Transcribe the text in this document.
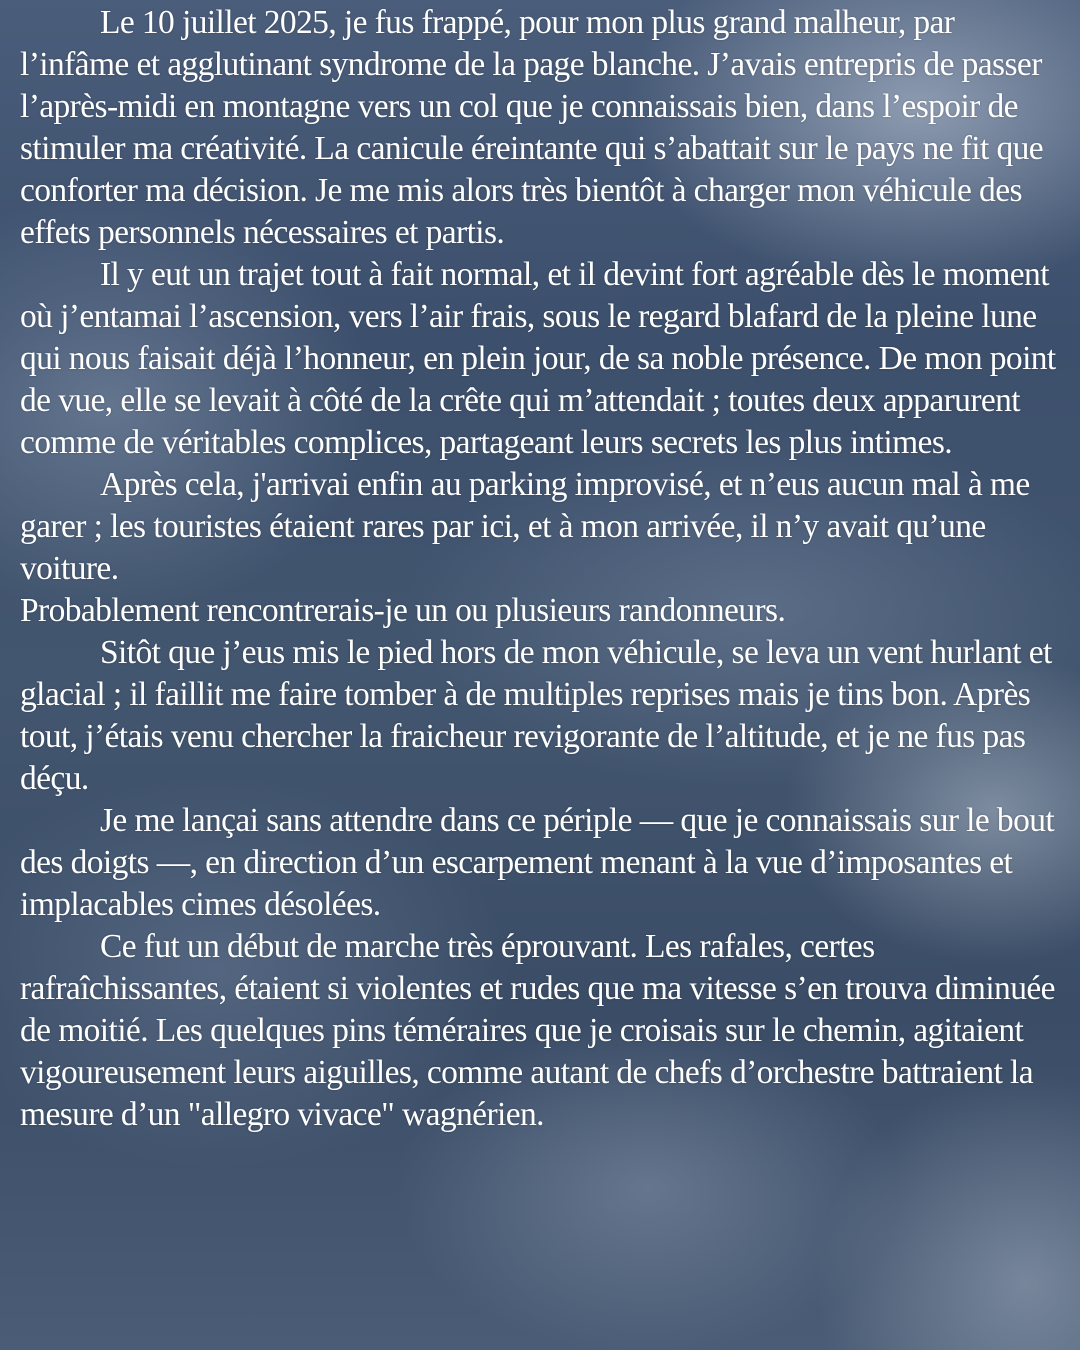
Le 10 juillet 2025, je fus frappé, pour mon plus grand malheur, par l’infâme et agglutinant syndrome de la page blanche. J’avais entrepris de passer l’après-midi en montagne vers un col que je connaissais bien, dans l’espoir de stimuler ma créativité. La canicule éreintante qui s’abattait sur le pays ne fit que conforter ma décision. Je me mis alors très bientôt à charger mon véhicule des effets personnels nécessaires et partis.

Il y eut un trajet tout à fait normal, et il devint fort agréable dès le moment où j’entamai l’ascension, vers l’air frais, sous le regard blafard de la pleine lune qui nous faisait déjà l’honneur, en plein jour, de sa noble présence. De mon point de vue, elle se levait à côté de la crête qui m’attendait ; toutes deux apparurent comme de véritables complices, partageant leurs secrets les plus intimes.

Après cela, j'arrivai enfin au parking improvisé, et n’eus aucun mal à me garer ; les touristes étaient rares par ici, et à mon arrivée, il n’y avait qu’une voiture.

Probablement rencontrerais-je un ou plusieurs randonneurs.

Sitôt que j’eus mis le pied hors de mon véhicule, se leva un vent hurlant et glacial ; il faillit me faire tomber à de multiples reprises mais je tins bon. Après tout, j’étais venu chercher la fraicheur revigorante de l’altitude, et je ne fus pas déçu.

Je me lançai sans attendre dans ce périple — que je connaissais sur le bout des doigts —, en direction d’un escarpement menant à la vue d’imposantes et implacables cimes désolées.

Ce fut un début de marche très éprouvant. Les rafales, certes rafraîchissantes, étaient si violentes et rudes que ma vitesse s’en trouva diminuée de moitié. Les quelques pins téméraires que je croisais sur le chemin, agitaient vigoureusement leurs aiguilles, comme autant de chefs d’orchestre battraient la mesure d’un "allegro vivace" wagnérien.
